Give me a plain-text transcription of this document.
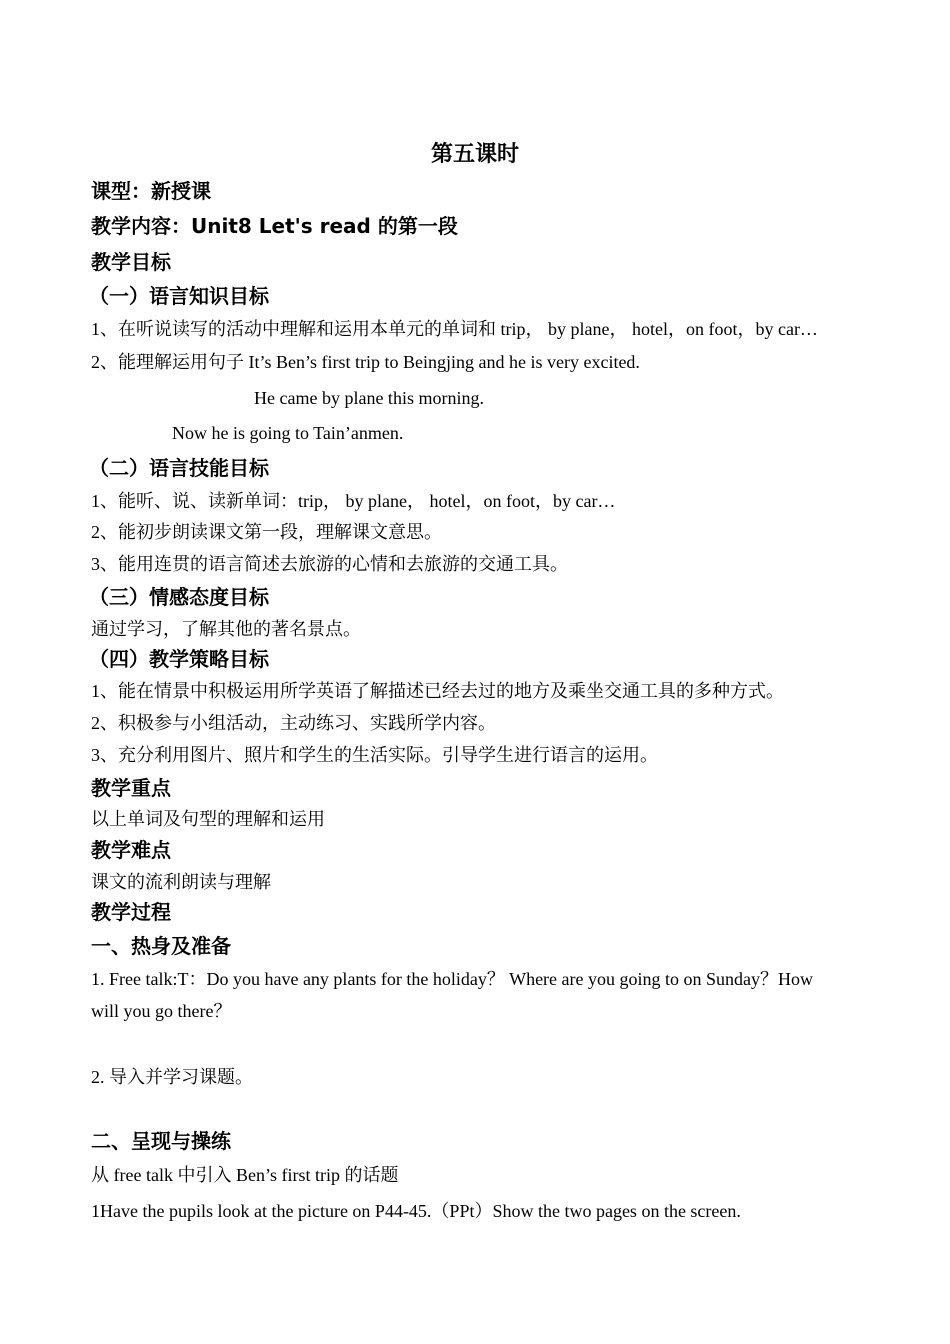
第五课时
课型：新授课
教学内容：Unit8 Let's read 的第一段
教学目标
（一）语言知识目标
1、在听说读写的活动中理解和运用本单元的单词和 trip， by plane， hotel，on foot，by car…
2、能理解运用句子 It’s Ben’s first trip to Beingjing and he is very excited.
He came by plane this morning.
Now he is going to Tain’anmen.
（二）语言技能目标
1、能听、说、读新单词：trip， by plane， hotel，on foot，by car…
2、能初步朗读课文第一段，理解课文意思。
3、能用连贯的语言简述去旅游的心情和去旅游的交通工具。
（三）情感态度目标
通过学习，了解其他的著名景点。
（四）教学策略目标
1、能在情景中积极运用所学英语了解描述已经去过的地方及乘坐交通工具的多种方式。
2、积极参与小组活动，主动练习、实践所学内容。
3、充分利用图片、照片和学生的生活实际。引导学生进行语言的运用。
教学重点
以上单词及句型的理解和运用
教学难点
课文的流利朗读与理解
教学过程
一、热身及准备
1. Free talk:T：Do you have any plants for the holiday？ Where are you going to on Sunday？How
will you go there？
2. 导入并学习课题。
二、呈现与操练
从 free talk 中引入 Ben’s first trip 的话题
1Have the pupils look at the picture on P44-45.（PPt）Show the two pages on the screen.
